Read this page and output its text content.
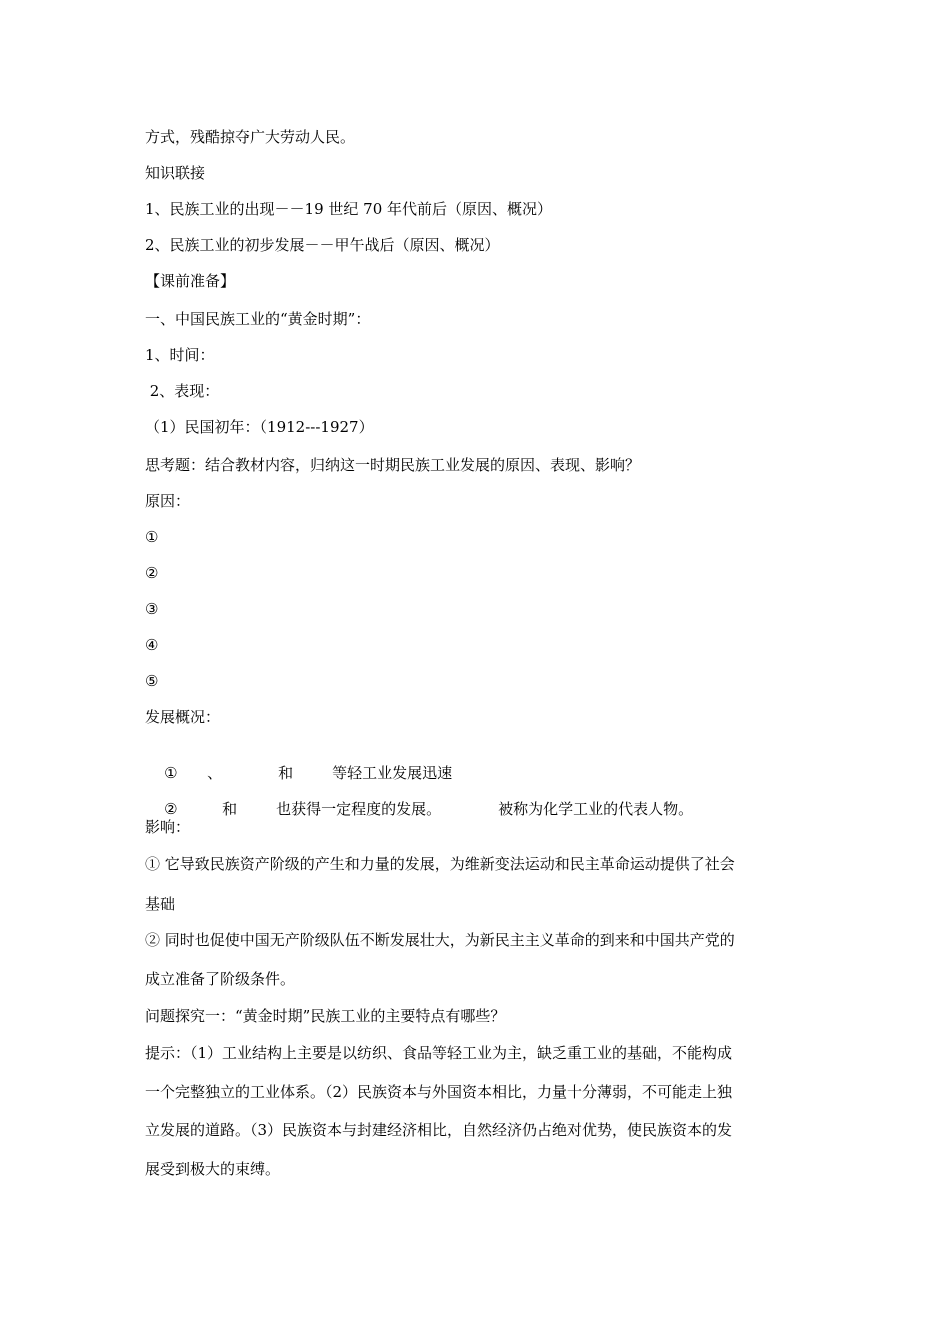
方式，残酷掠夺广大劳动人民。
知识联接
1、民族工业的出现－－19 世纪 70 年代前后（原因、概况）
2、民族工业的初步发展－－甲午战后（原因、概况）
【课前准备】
一、中国民族工业的“黄金时期”：
1、时间：
2、表现：
（1）民国初年：（1912---1927）
思考题：结合教材内容，归纳这一时期民族工业发展的原因、表现、影响？
原因：
①
②
③
④
⑤
发展概况：

① 、	和	等轻工业发展迅速

②	和	也获得一定程度的发展。	被称为化学工业的代表人物。

影响：
① 它导致民族资产阶级的产生和力量的发展，为维新变法运动和民主革命运动提供了社会
基础
② 同时也促使中国无产阶级队伍不断发展壮大，为新民主主义革命的到来和中国共产党的
成立准备了阶级条件。
问题探究一：“黄金时期”民族工业的主要特点有哪些？
提示：（1）工业结构上主要是以纺织、食品等轻工业为主，缺乏重工业的基础，不能构成
一个完整独立的工业体系。（2）民族资本与外国资本相比，力量十分薄弱，不可能走上独
立发展的道路。（3）民族资本与封建经济相比，自然经济仍占绝对优势，使民族资本的发
展受到极大的束缚。
